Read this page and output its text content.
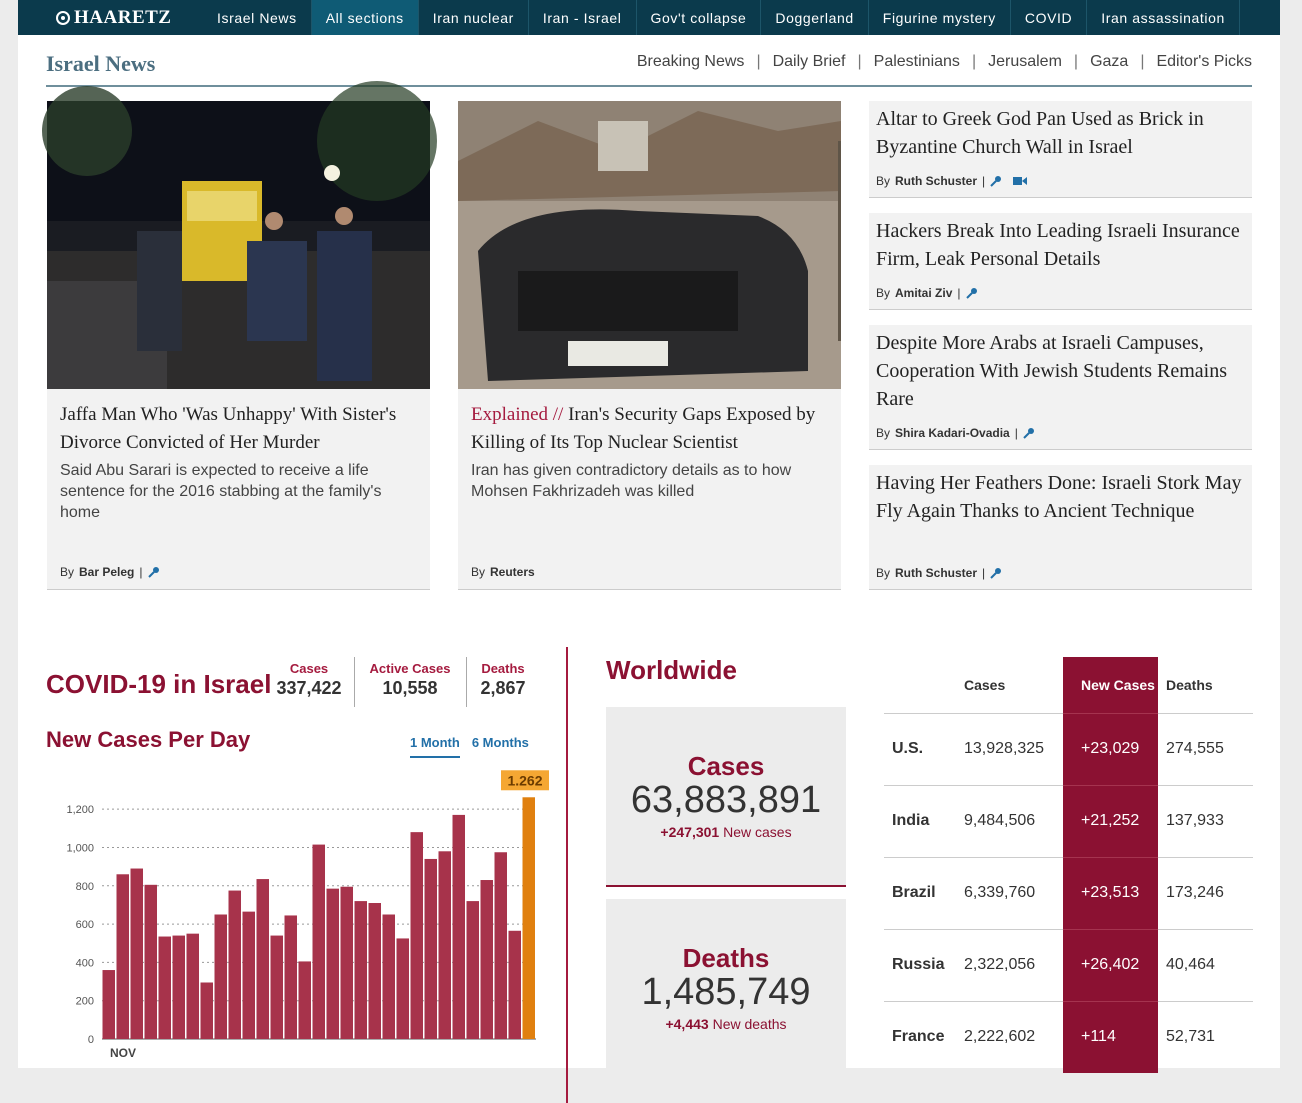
HAARETZ	Israel News	All sections	Iran nuclear	Iran - Israel	Gov't collapse	Doggerland	Figurine mystery	COVID	Iran assassination
Israel News	Breaking News | Daily Brief | Palestinians | Jerusalem | Gaza | Editor's Picks
Jaffa Man Who 'Was Unhappy' With Sister's Divorce Convicted of Her Murder
Said Abu Sarari is expected to receive a life sentence for the 2016 stabbing at the family's home
By Bar Peleg |
Explained // Iran's Security Gaps Exposed by Killing of Its Top Nuclear Scientist
Iran has given contradictory details as to how Mohsen Fakhrizadeh was killed
By Reuters
Altar to Greek God Pan Used as Brick in Byzantine Church Wall in Israel
By Ruth Schuster |
Hackers Break Into Leading Israeli Insurance Firm, Leak Personal Details
By Amitai Ziv |
Despite More Arabs at Israeli Campuses, Cooperation With Jewish Students Remains Rare
By Shira Kadari-Ovadia |
Having Her Feathers Done: Israeli Stork May Fly Again Thanks to Ancient Technique
By Ruth Schuster |
COVID-19 in Israel
Cases
337,422
Active Cases
10,558
Deaths
2,867
New Cases Per Day	1 Month 6 Months
0
200
400
600
800
1,000
1,200
1.262
NOV
Worldwide
Cases
63,883,891
+247,301 New cases
Deaths
1,485,749
+4,443 New deaths
	Cases	New Cases	Deaths
U.S.	13,928,325	+23,029	274,555
India	9,484,506	+21,252	137,933
Brazil	6,339,760	+23,513	173,246
Russia	2,322,056	+26,402	40,464
France	2,222,602	+114	52,731
